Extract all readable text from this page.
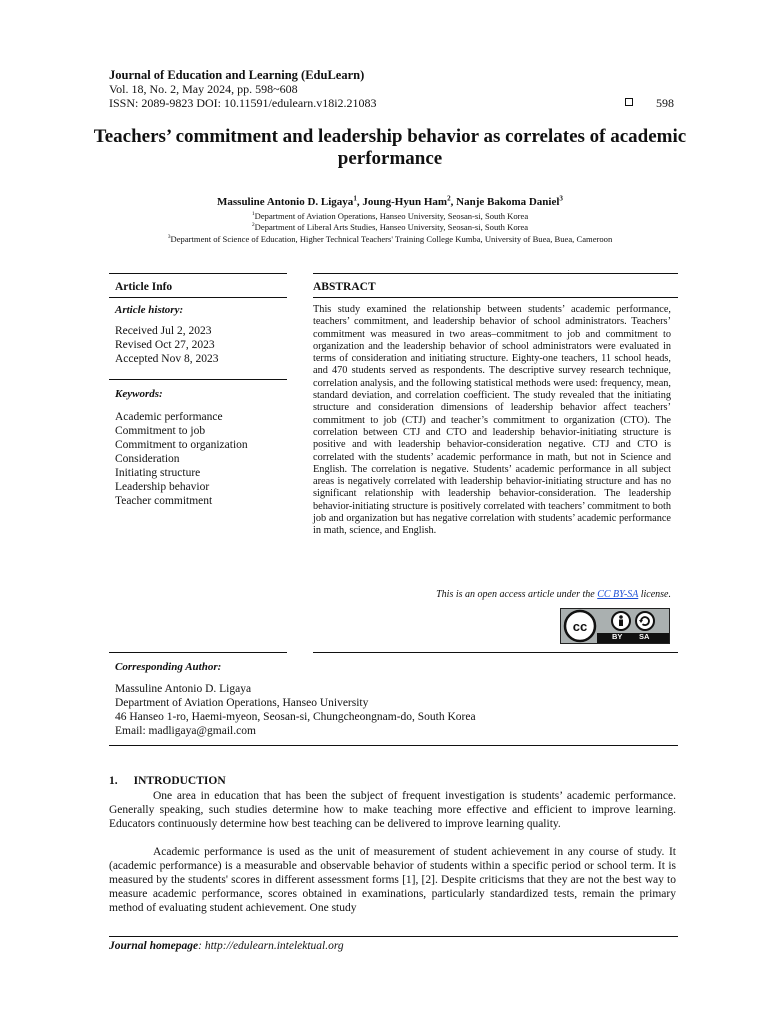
Journal of Education and Learning (EduLearn)
Vol. 18, No. 2, May 2024, pp. 598~608
ISSN: 2089-9823 DOI: 10.11591/edulearn.v18i2.21083	598
Teachers’ commitment and leadership behavior as correlates of academic performance
Massuline Antonio D. Ligaya$^1$, Joung-Hyun Ham$^2$, Nanje Bakoma Daniel$^3$
$^1$Department of Aviation Operations, Hanseo University, Seosan-si, South Korea
$^2$Department of Liberal Arts Studies, Hanseo University, Seosan-si, South Korea
$^3$Department of Science of Education, Higher Technical Teachers' Training College Kumba, University of Buea, Buea, Cameroon
Article Info	ABSTRACT
Article history:
Received Jul 2, 2023
Revised Oct 27, 2023
Accepted Nov 8, 2023
Keywords:
Academic performance
Commitment to job
Commitment to organization
Consideration
Initiating structure
Leadership behavior
Teacher commitment
This study examined the relationship between students’ academic performance, teachers’ commitment, and leadership behavior of school administrators. Teachers’ commitment was measured in two areas–commitment to job and commitment to organization and the leadership behavior of school administrators were evaluated in terms of consideration and initiating structure. Eighty-one teachers, 11 school heads, and 470 students served as respondents. The descriptive survey research technique, correlation analysis, and the following statistical methods were used: frequency, mean, standard deviation, and correlation coefficient. The study revealed that the initiating structure and consideration dimensions of leadership behavior affect teachers’ commitment to job (CTJ) and teacher’s commitment to organization (CTO). The correlation between CTJ and CTO and leadership behavior-initiating structure is positive and with leadership behavior-consideration negative. CTJ and CTO is correlated with the students’ academic performance in math, but not in Science and English. The correlation is negative. Students’ academic performance in all subject areas is negatively correlated with leadership behavior-initiating structure and has no significant relationship with leadership behavior-consideration. The leadership behavior-initiating structure is positively correlated with teachers’ commitment to both job and organization but has negative correlation with students’ academic performance in math, science, and English.
This is an open access article under the CC BY-SA license.
cc
BY SA
Corresponding Author:
Massuline Antonio D. Ligaya
Department of Aviation Operations, Hanseo University
46 Hanseo 1-ro, Haemi-myeon, Seosan-si, Chungcheongnam-do, South Korea
Email: madligaya@gmail.com
1. INTRODUCTION
One area in education that has been the subject of frequent investigation is students’ academic performance. Generally speaking, such studies determine how to make teaching more effective and efficient to improve learning. Educators continuously determine how best teaching can be delivered to improve learning quality.
Academic performance is used as the unit of measurement of student achievement in any course of study. It (academic performance) is a measurable and observable behavior of students within a specific period or school term. It is measured by the students' scores in different assessment forms [1], [2]. Despite criticisms that they are not the best way to measure academic performance, scores obtained in examinations, particularly standardized tests, remain the primary method of evaluating student achievement. One study
Journal homepage: http://edulearn.intelektual.org
